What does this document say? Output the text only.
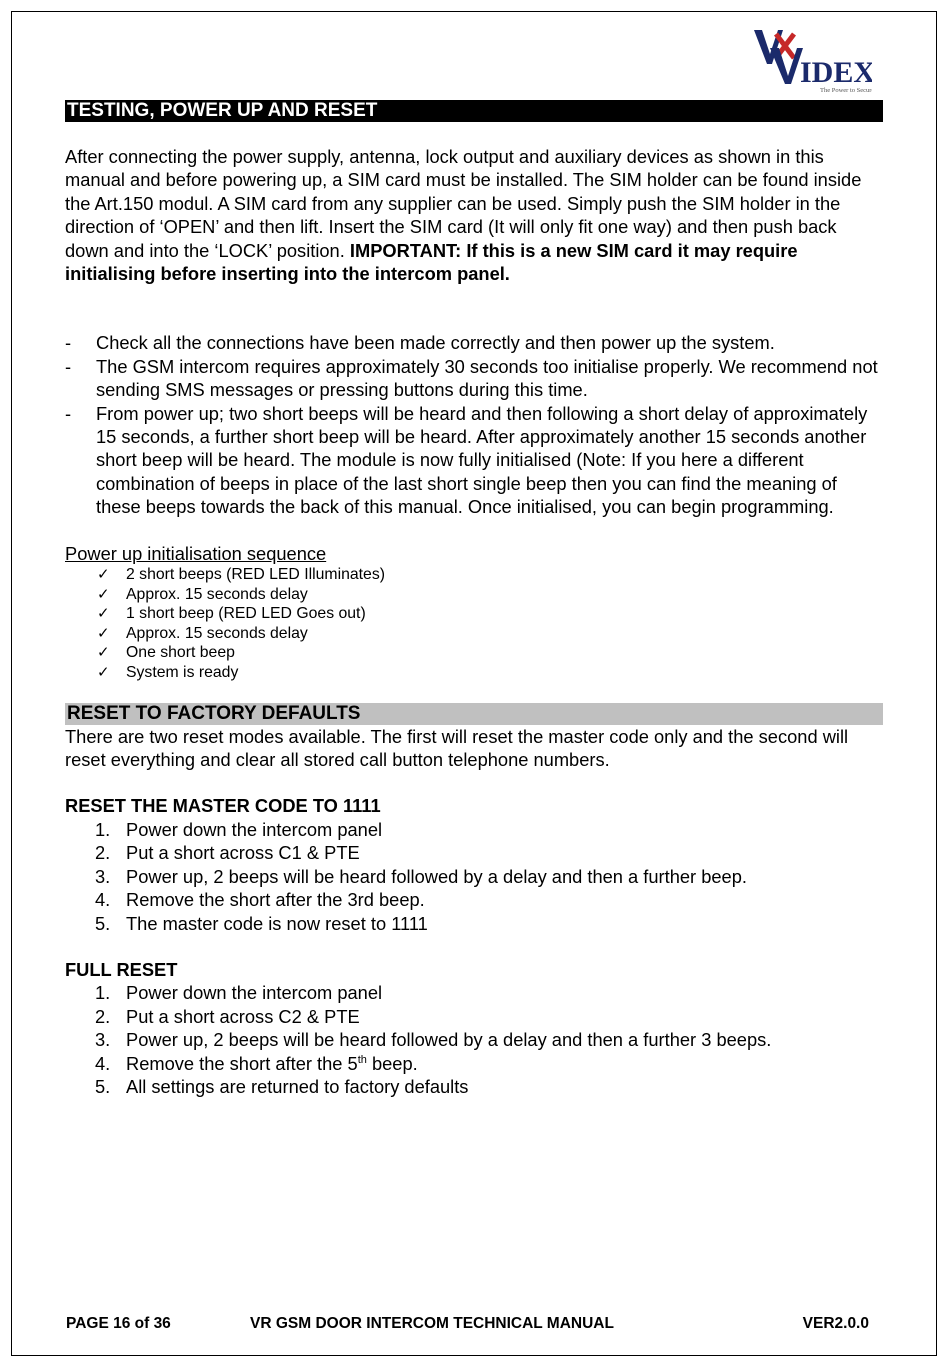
IDEX
The Power to Secure
TESTING, POWER UP AND RESET

After connecting the power supply, antenna, lock output and auxiliary devices as shown in this manual and before powering up, a SIM card must be installed. The SIM holder can be found inside the Art.150 modul. A SIM card from any supplier can be used. Simply push the SIM holder in the direction of ‘OPEN’ and then lift. Insert the SIM card (It will only fit one way) and then push back down and into the ‘LOCK’ position. IMPORTANT: If this is a new SIM card it may require initialising before inserting into the intercom panel.

- Check all the connections have been made correctly and then power up the system.
- The GSM intercom requires approximately 30 seconds too initialise properly. We recommend not sending SMS messages or pressing buttons during this time.
- From power up; two short beeps will be heard and then following a short delay of approximately 15 seconds, a further short beep will be heard. After approximately another 15 seconds another short beep will be heard. The module is now fully initialised (Note: If you here a different combination of beeps in place of the last short single beep then you can find the meaning of these beeps towards the back of this manual. Once initialised, you can begin programming.
Power up initialisation sequence
✓ 2 short beeps (RED LED Illuminates)
✓ Approx. 15 seconds delay
✓ 1 short beep (RED LED Goes out)
✓ Approx. 15 seconds delay
✓ One short beep
✓ System is ready
RESET TO FACTORY DEFAULTS

There are two reset modes available. The first will reset the master code only and the second will reset everything and clear all stored call button telephone numbers.

RESET THE MASTER CODE TO 1111
1. Power down the intercom panel
2. Put a short across C1 & PTE
3. Power up, 2 beeps will be heard followed by a delay and then a further beep.
4. Remove the short after the 3rd beep.
5. The master code is now reset to 1111
FULL RESET
1. Power down the intercom panel
2. Put a short across C2 & PTE
3. Power up, 2 beeps will be heard followed by a delay and then a further 3 beeps.
4. Remove the short after the 5th beep.
5. All settings are returned to factory defaults
PAGE 16 of 36	VR GSM DOOR INTERCOM TECHNICAL MANUAL	VER2.0.0
